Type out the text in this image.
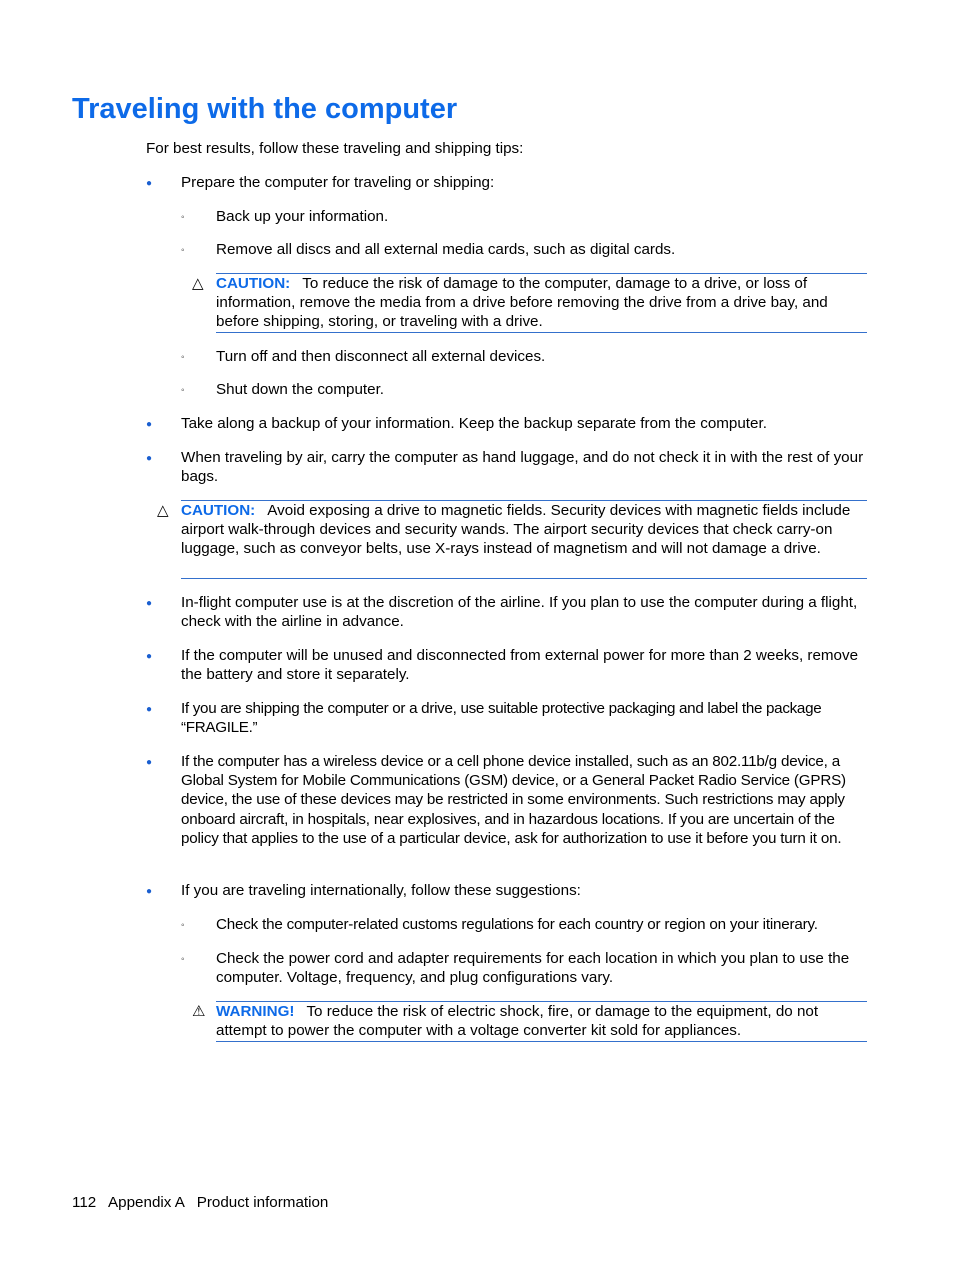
Traveling with the computer
For best results, follow these traveling and shipping tips:
● Prepare the computer for traveling or shipping:
◦ Back up your information.
◦ Remove all discs and all external media cards, such as digital cards.
△ CAUTION: To reduce the risk of damage to the computer, damage to a drive, or loss of information, remove the media from a drive before removing the drive from a drive bay, and before shipping, storing, or traveling with a drive.
◦ Turn off and then disconnect all external devices.
◦ Shut down the computer.
● Take along a backup of your information. Keep the backup separate from the computer.
● When traveling by air, carry the computer as hand luggage, and do not check it in with the rest of your bags.
△ CAUTION: Avoid exposing a drive to magnetic fields. Security devices with magnetic fields include airport walk-through devices and security wands. The airport security devices that check carry-on luggage, such as conveyor belts, use X-rays instead of magnetism and will not damage a drive.
● In-flight computer use is at the discretion of the airline. If you plan to use the computer during a flight, check with the airline in advance.
● If the computer will be unused and disconnected from external power for more than 2 weeks, remove the battery and store it separately.
● If you are shipping the computer or a drive, use suitable protective packaging and label the package “FRAGILE.”
● If the computer has a wireless device or a cell phone device installed, such as an 802.11b/g device, a Global System for Mobile Communications (GSM) device, or a General Packet Radio Service (GPRS) device, the use of these devices may be restricted in some environments. Such restrictions may apply onboard aircraft, in hospitals, near explosives, and in hazardous locations. If you are uncertain of the policy that applies to the use of a particular device, ask for authorization to use it before you turn it on.
● If you are traveling internationally, follow these suggestions:
◦ Check the computer-related customs regulations for each country or region on your itinerary.
◦ Check the power cord and adapter requirements for each location in which you plan to use the computer. Voltage, frequency, and plug configurations vary.
⚠ WARNING! To reduce the risk of electric shock, fire, or damage to the equipment, do not attempt to power the computer with a voltage converter kit sold for appliances.
112   Appendix A   Product information
